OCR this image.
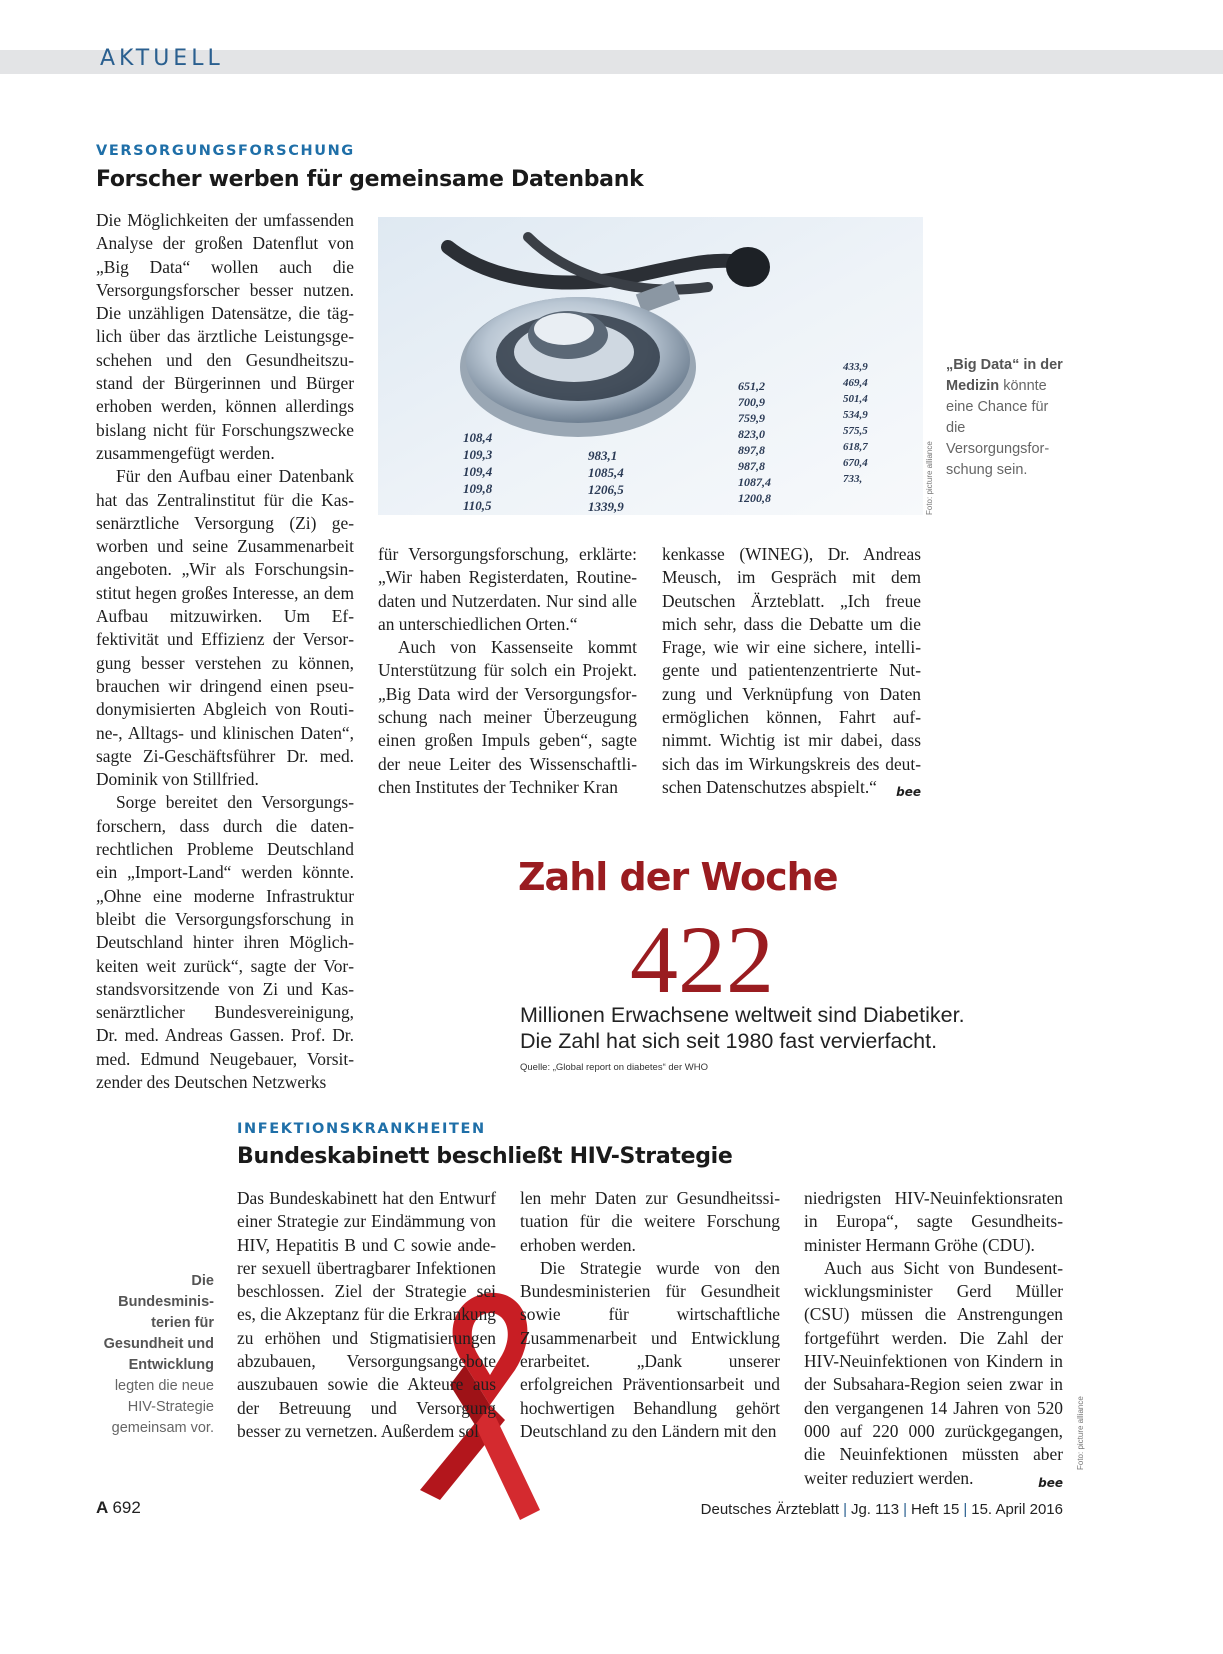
AKTUELL
VERSORGUNGSFORSCHUNG
Forscher werben für gemeinsame Datenbank

Die Möglichkeiten der umfassenden Analyse der großen Datenflut von „Big Data“ wollen auch die Versorgungsforscher besser nutzen. Die unzähligen Datensätze, die täglich über das ärztliche Leistungsgeschehen und den Gesundheitszustand der Bürgerinnen und Bürger erhoben werden, können allerdings bislang nicht für Forschungszwecke zusammengefügt werden.

Für den Aufbau einer Datenbank hat das Zentralinstitut für die Kassenärztliche Versorgung (Zi) geworben und seine Zusammenarbeit angeboten. „Wir als Forschungsinstitut hegen großes Interesse, an dem Aufbau mitzuwirken. Um Effektivität und Effizienz der Versorgung besser verstehen zu können, brauchen wir dringend einen pseudonymisierten Abgleich von Routine-, Alltags- und klinischen Daten“, sagte Zi-Geschäftsführer Dr. med. Dominik von Stillfried.

Sorge bereitet den Versorgungsforschern, dass durch die datenrechtlichen Probleme Deutschland ein „Import-Land“ werden könnte. „Ohne eine moderne Infrastruktur bleibt die Versorgungsforschung in Deutschland hinter ihren Möglichkeiten weit zurück“, sagte der Vorstandsvorsitzende von Zi und Kassenärztlicher Bundesvereinigung, Dr. med. Andreas Gassen. Prof. Dr. med. Edmund Neugebauer, Vorsitzender des Deutschen Netzwerks

108,4
109,3
109,4
109,8
110,5
983,1
1085,4
1206,5
1339,9
651,2
700,9
759,9
823,0
897,8
987,8
1087,4
1200,8
433,9
469,4
501,4
534,9
575,5
618,7
670,4
733,	Foto: picture alliance
„Big Data“ in der Medizin könnte eine Chance für die Versorgungsforschung sein.

für Versorgungsforschung, erklärte: „Wir haben Registerdaten, Routinedaten und Nutzerdaten. Nur sind alle an unterschiedlichen Orten.“

Auch von Kassenseite kommt Unterstützung für solch ein Projekt. „Big Data wird der Versorgungsforschung nach meiner Überzeugung einen großen Impuls geben“, sagte der neue Leiter des Wissenschaftlichen Institutes der Techniker Kran

kenkasse (WINEG), Dr. Andreas Meusch, im Gespräch mit dem Deutschen Ärzteblatt. „Ich freue mich sehr, dass die Debatte um die Frage, wie wir eine sichere, intelligente und patientenzentrierte Nutzung und Verknüpfung von Daten ermöglichen können, Fahrt aufnimmt. Wichtig ist mir dabei, dass sich das im Wirkungskreis des deutschen Datenschutzes abspielt.“ bee

Zahl der Woche
422
Millionen Erwachsene weltweit sind Diabetiker.
Die Zahl hat sich seit 1980 fast vervierfacht.
Quelle: „Global report on diabetes“ der WHO
INFEKTIONSKRANKHEITEN
Bundeskabinett beschließt HIV-Strategie
Die Bundesministerien für Gesundheit und Entwicklung legten die neue HIV-Strategie gemeinsam vor.

Das Bundeskabinett hat den Entwurf einer Strategie zur Eindämmung von HIV, Hepatitis B und C sowie anderer sexuell übertragbarer Infektionen beschlossen. Ziel der Strategie sei es, die Akzeptanz für die Erkrankung zu erhöhen und Stigmatisierungen abzubauen, Versorgungsangebote auszubauen sowie die Akteure aus der Betreuung und Versorgung besser zu vernetzen. Außerdem sol

len mehr Daten zur Gesundheitssituation für die weitere Forschung erhoben werden.

Die Strategie wurde von den Bundesministerien für Gesundheit sowie für wirtschaftliche Zusammenarbeit und Entwicklung erarbeitet. „Dank unserer erfolgreichen Präventionsarbeit und hochwertigen Behandlung gehört Deutschland zu den Ländern mit den

niedrigsten HIV-Neuinfektionsraten in Europa“, sagte Gesundheitsminister Hermann Gröhe (CDU).

Auch aus Sicht von Bundesentwicklungsminister Gerd Müller (CSU) müssen die Anstrengungen fortgeführt werden. Die Zahl der HIV-Neuinfektionen von Kindern in der Subsahara-Region seien zwar in den vergangenen 14 Jahren von 520 000 auf 220 000 zurückgegangen, die Neuinfektionen müssten aber weiter reduziert werden.	bee

Foto: picture alliance
A 692	Deutsches Ärzteblatt | Jg. 113 | Heft 15 | 15. April 2016
